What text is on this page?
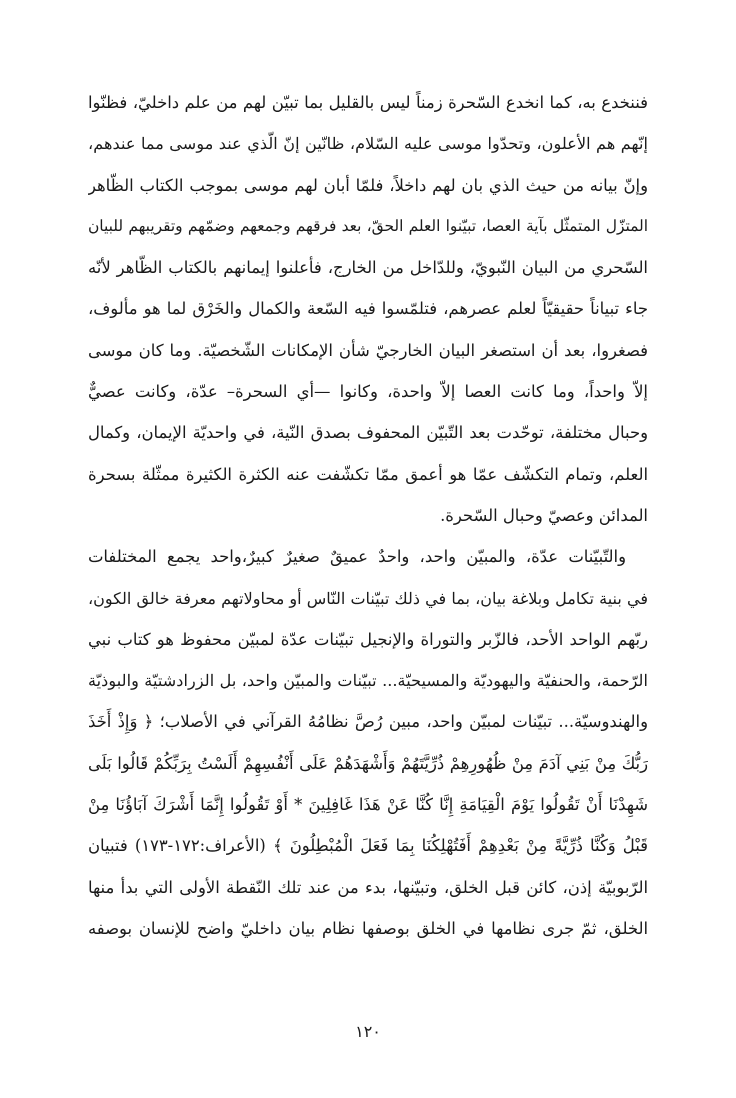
فننخدع به، كما انخدع السّحرة زمناً ليس بالقليل بما تبيّن لهم من علم داخليّ، فظنّوا
إنّهم هم الأعلون، وتحدّوا موسى عليه السّلام، ظانّين إنّ الّذي عند موسى مما عندهم،
وإنّ بيانه من حيث الذي بان لهم داخلاً، فلمّا أبان لهم موسى بموجب الكتاب الظّاهر
المتزّل المتمثّل بآية العصا، تبيّنوا العلم الحقّ، بعد فرقهم وجمعهم وضمّهم وتقريبهم للبيان
السّحري من البيان النّبويّ، وللدّاخل من الخارج، فأعلنوا إيمانهم بالكتاب الظّاهر لأنّه
جاء تبياناً حقيقيّاً لعلم عصرهم، فتلمّسوا فيه السّعة والكمال والخَرْق لما هو مألوف،
فصغروا، بعد أن استصغر البيان الخارجيّ شأن الإمكانات الشّخصيّة. وما كان موسى
إلاّ واحداً، وما كانت العصا إلاّ واحدة، وكانوا —أي السحرة– عدّة، وكانت عصيٌّ
وحبال مختلفة، توحّدت بعد التّبيّن المحفوف بصدق النّية، في واحديّة الإيمان، وكمال
العلم، وتمام التكشّف عمّا هو أعمق ممّا تكشّفت عنه الكثرة الكثيرة ممثّلة بسحرة
المدائن وعصيّ وحبال السّحرة.
والتّبيّنات عدّة، والمبيّن واحد، واحدٌ عميقٌ صغيرٌ كبيرٌ،واحد يجمع المختلفات
في بنية تكامل وبلاغة بيان، بما في ذلك تبيّنات النّاس أو محاولاتهم معرفة خالق الكون،
ربّهم الواحد الأحد، فالزّبر والتوراة والإنجيل تبيّنات عدّة لمبيّن محفوظ هو كتاب نبي
الرّحمة، والحنفيّة واليهوديّة والمسيحيّة... تبيّنات والمبيّن واحد، بل الزرادشتيّة والبوذيّة
والهندوسيّة... تبيّنات لمبيّن واحد، مبين رُصَّ نظامُهُ القرآني في الأصلاب؛ ﴿ وَإِذْ أَخَذَ
رَبُّكَ مِنْ بَنِي آدَمَ مِنْ ظُهُورِهِمْ ذُرِّيَّتَهُمْ وَأَشْهَدَهُمْ عَلَى أَنْفُسِهِمْ أَلَسْتُ بِرَبِّكُمْ قَالُوا بَلَى
شَهِدْنَا أَنْ تَقُولُوا يَوْمَ الْقِيَامَةِ إِنَّا كُنَّا عَنْ هَذَا غَافِلِينَ * أَوْ تَقُولُوا إِنَّمَا أَشْرَكَ آبَاؤُنَا مِنْ
قَبْلُ وَكُنَّا ذُرِّيَّةً مِنْ بَعْدِهِمْ أَفَتُهْلِكُنَا بِمَا فَعَلَ الْمُبْطِلُونَ ﴾ (الأعراف:١٧٢-١٧٣) فتبيان
الرّبوبيّة إذن، كائن قبل الخلق، وتبيّنها، بدء من عند تلك النّقطة الأولى التي بدأ منها
الخلق، ثمّ جرى نظامها في الخلق بوصفها نظام بيان داخليّ واضح للإنسان بوصفه
١٢٠
